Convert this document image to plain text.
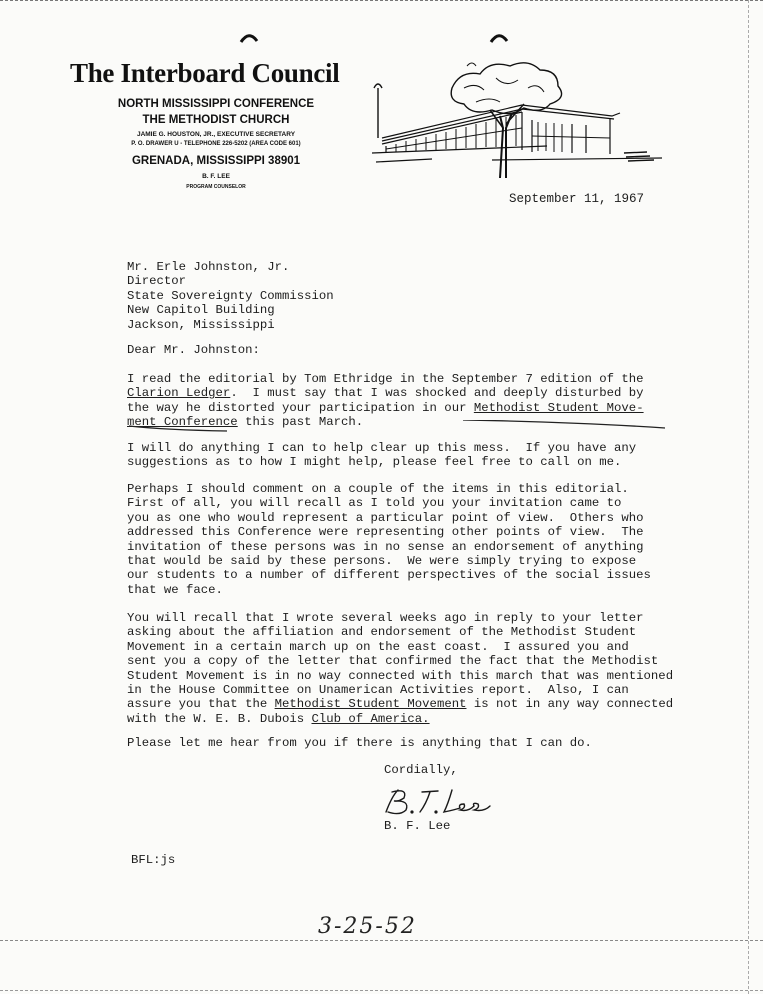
The Interboard Council
NORTH MISSISSIPPI CONFERENCE
THE METHODIST CHURCH
JAMIE G. HOUSTON, JR., EXECUTIVE SECRETARY
P. O. DRAWER U - TELEPHONE 226-5202 (AREA CODE 601)
GRENADA, MISSISSIPPI 38901
B. F. LEE
PROGRAM COUNSELOR
September 11, 1967
Mr. Erle Johnston, Jr.
Director
State Sovereignty Commission
New Capitol Building
Jackson, Mississippi
Dear Mr. Johnston:
I read the editorial by Tom Ethridge in the September 7 edition of the
Clarion Ledger.  I must say that I was shocked and deeply disturbed by
the way he distorted your participation in our Methodist Student Move-
ment Conference this past March.
I will do anything I can to help clear up this mess.  If you have any
suggestions as to how I might help, please feel free to call on me.
Perhaps I should comment on a couple of the items in this editorial.
First of all, you will recall as I told you your invitation came to
you as one who would represent a particular point of view.  Others who
addressed this Conference were representing other points of view.  The
invitation of these persons was in no sense an endorsement of anything
that would be said by these persons.  We were simply trying to expose
our students to a number of different perspectives of the social issues
that we face.
You will recall that I wrote several weeks ago in reply to your letter
asking about the affiliation and endorsement of the Methodist Student
Movement in a certain march up on the east coast.  I assured you and
sent you a copy of the letter that confirmed the fact that the Methodist
Student Movement is in no way connected with this march that was mentioned
in the House Committee on Unamerican Activities report.  Also, I can
assure you that the Methodist Student Movement is not in any way connected
with the W. E. B. Dubois Club of America.
Please let me hear from you if there is anything that I can do.
Cordially,
B. F. Lee
BFL:js
3-25-52
